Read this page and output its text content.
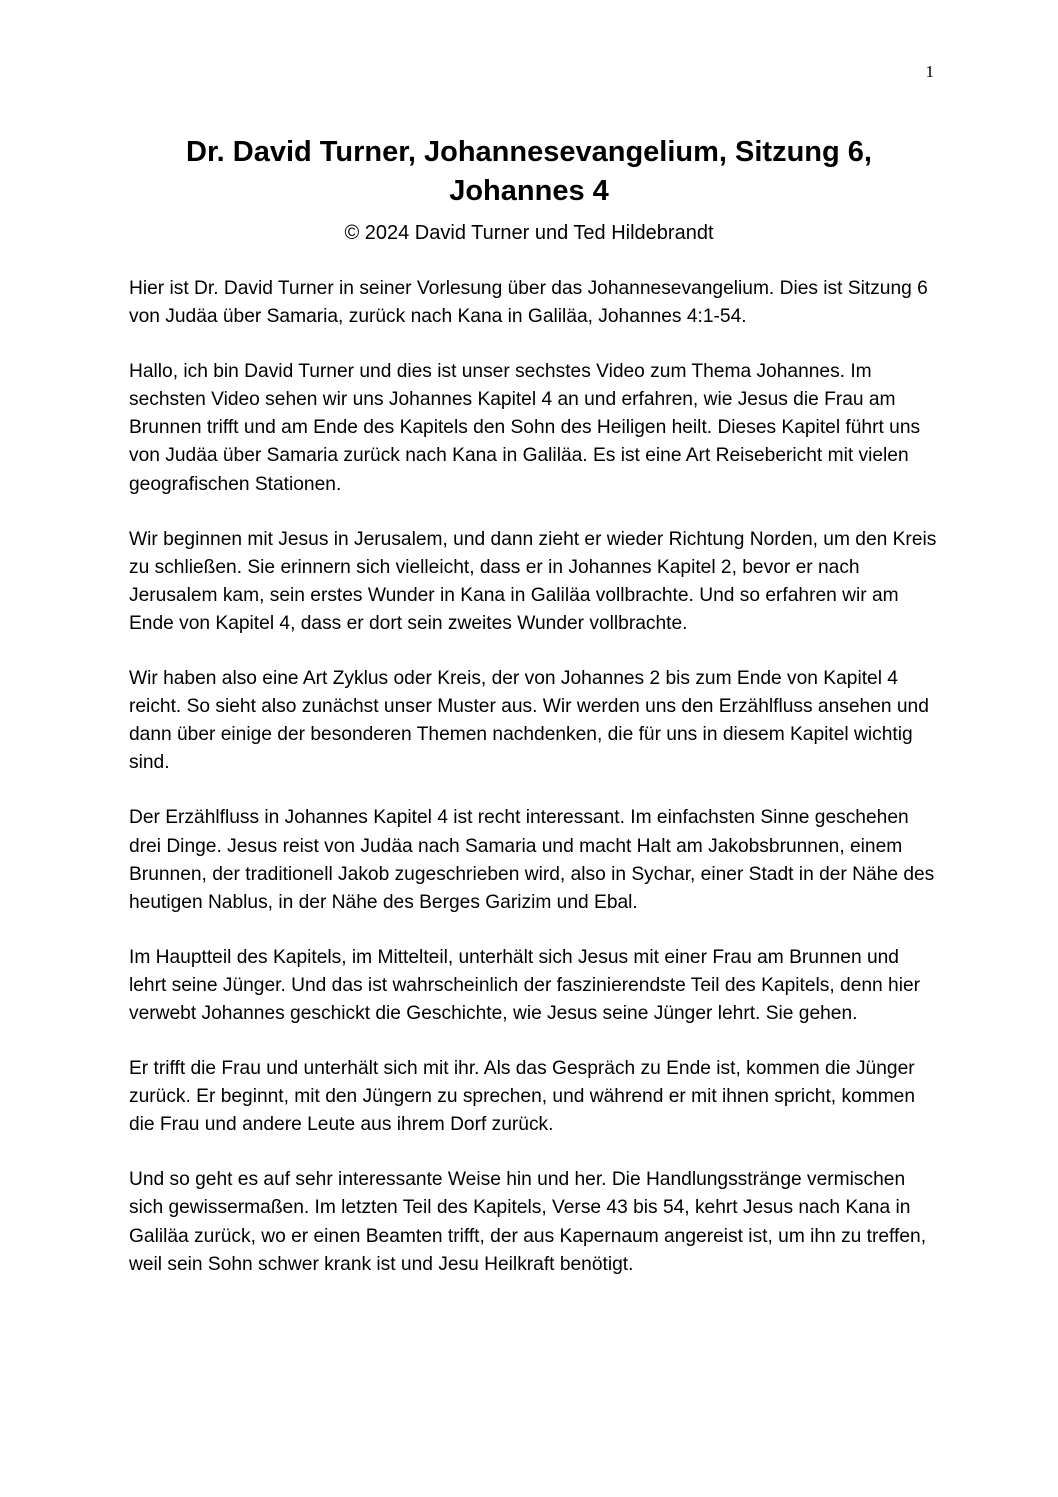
1
Dr. David Turner, Johannesevangelium, Sitzung 6,
Johannes 4

© 2024 David Turner und Ted Hildebrandt

Hier ist Dr. David Turner in seiner Vorlesung über das Johannesevangelium. Dies ist Sitzung 6 von Judäa über Samaria, zurück nach Kana in Galiläa, Johannes 4:1-54.

Hallo, ich bin David Turner und dies ist unser sechstes Video zum Thema Johannes. Im sechsten Video sehen wir uns Johannes Kapitel 4 an und erfahren, wie Jesus die Frau am Brunnen trifft und am Ende des Kapitels den Sohn des Heiligen heilt. Dieses Kapitel führt uns von Judäa über Samaria zurück nach Kana in Galiläa. Es ist eine Art Reisebericht mit vielen geografischen Stationen.

Wir beginnen mit Jesus in Jerusalem, und dann zieht er wieder Richtung Norden, um den Kreis zu schließen. Sie erinnern sich vielleicht, dass er in Johannes Kapitel 2, bevor er nach Jerusalem kam, sein erstes Wunder in Kana in Galiläa vollbrachte. Und so erfahren wir am Ende von Kapitel 4, dass er dort sein zweites Wunder vollbrachte.

Wir haben also eine Art Zyklus oder Kreis, der von Johannes 2 bis zum Ende von Kapitel 4 reicht. So sieht also zunächst unser Muster aus. Wir werden uns den Erzählfluss ansehen und dann über einige der besonderen Themen nachdenken, die für uns in diesem Kapitel wichtig sind.

Der Erzählfluss in Johannes Kapitel 4 ist recht interessant. Im einfachsten Sinne geschehen drei Dinge. Jesus reist von Judäa nach Samaria und macht Halt am Jakobsbrunnen, einem Brunnen, der traditionell Jakob zugeschrieben wird, also in Sychar, einer Stadt in der Nähe des heutigen Nablus, in der Nähe des Berges Garizim und Ebal.

Im Hauptteil des Kapitels, im Mittelteil, unterhält sich Jesus mit einer Frau am Brunnen und lehrt seine Jünger. Und das ist wahrscheinlich der faszinierendste Teil des Kapitels, denn hier verwebt Johannes geschickt die Geschichte, wie Jesus seine Jünger lehrt. Sie gehen.

Er trifft die Frau und unterhält sich mit ihr. Als das Gespräch zu Ende ist, kommen die Jünger zurück. Er beginnt, mit den Jüngern zu sprechen, und während er mit ihnen spricht, kommen die Frau und andere Leute aus ihrem Dorf zurück.

Und so geht es auf sehr interessante Weise hin und her. Die Handlungsstränge vermischen sich gewissermaßen. Im letzten Teil des Kapitels, Verse 43 bis 54, kehrt Jesus nach Kana in Galiläa zurück, wo er einen Beamten trifft, der aus Kapernaum angereist ist, um ihn zu treffen, weil sein Sohn schwer krank ist und Jesu Heilkraft benötigt.
